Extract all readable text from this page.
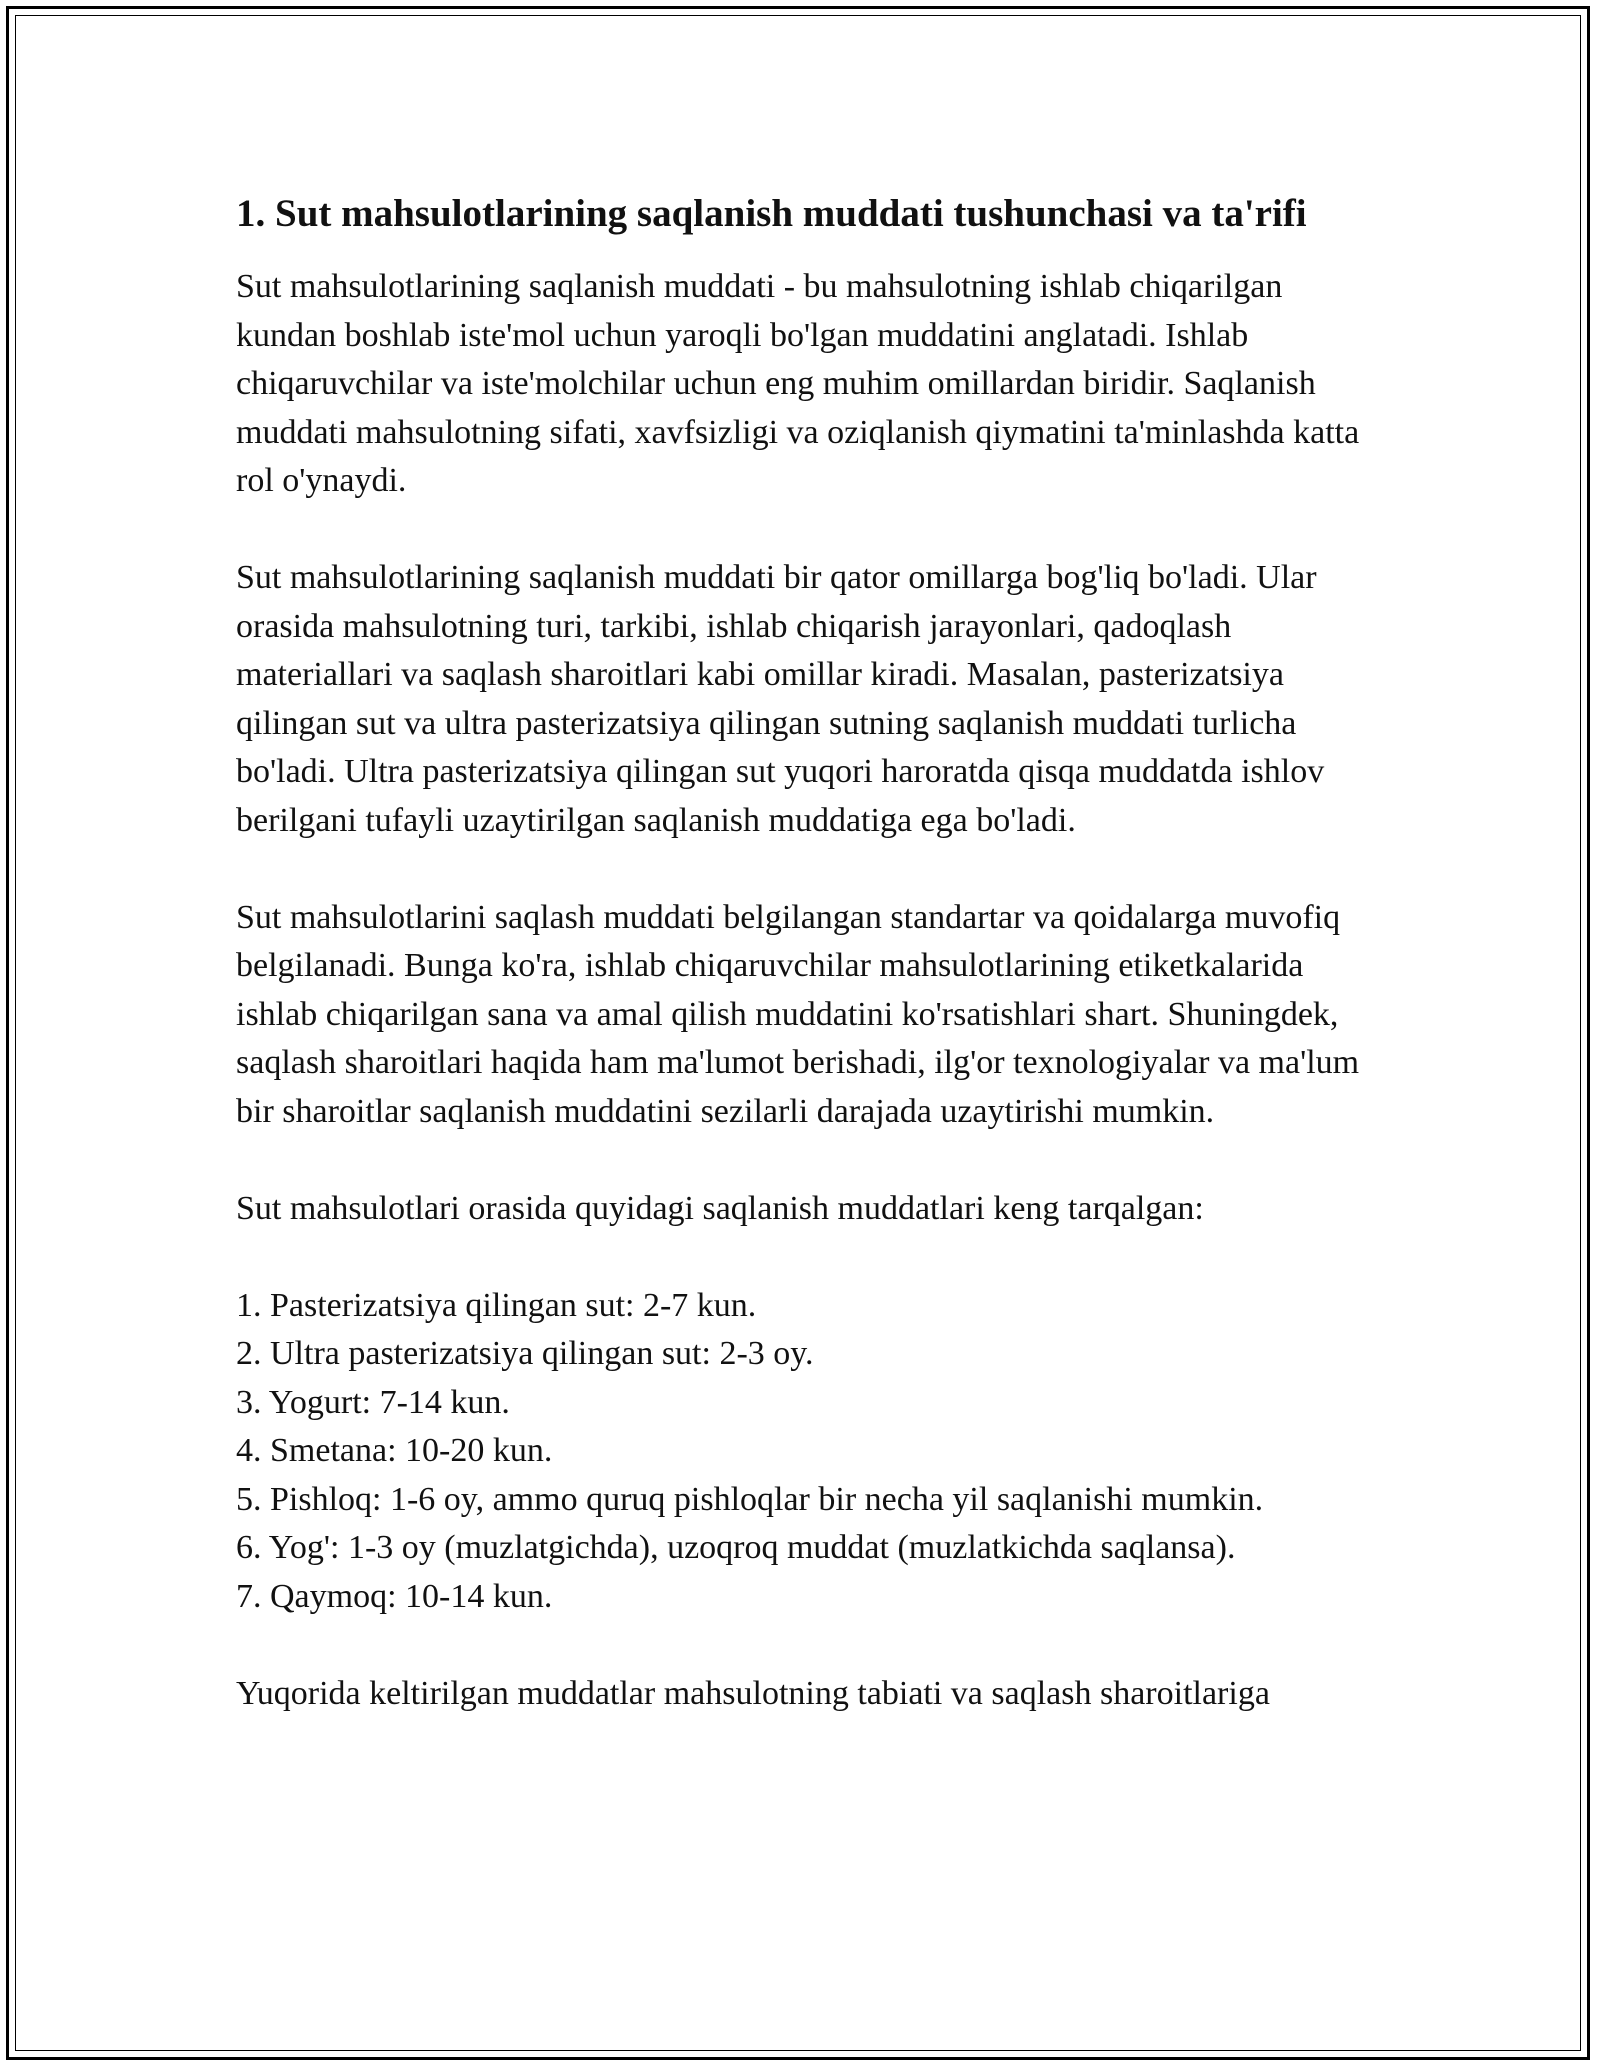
1. Sut mahsulotlarining saqlanish muddati tushunchasi va ta'rifi

Sut mahsulotlarining saqlanish muddati - bu mahsulotning ishlab chiqarilgan kundan boshlab iste'mol uchun yaroqli bo'lgan muddatini anglatadi. Ishlab chiqaruvchilar va iste'molchilar uchun eng muhim omillardan biridir. Saqlanish muddati mahsulotning sifati, xavfsizligi va oziqlanish qiymatini ta'minlashda katta rol o'ynaydi.

Sut mahsulotlarining saqlanish muddati bir qator omillarga bog'liq bo'ladi. Ular orasida mahsulotning turi, tarkibi, ishlab chiqarish jarayonlari, qadoqlash materiallari va saqlash sharoitlari kabi omillar kiradi. Masalan, pasterizatsiya qilingan sut va ultra pasterizatsiya qilingan sutning saqlanish muddati turlicha bo'ladi. Ultra pasterizatsiya qilingan sut yuqori haroratda qisqa muddatda ishlov berilgani tufayli uzaytirilgan saqlanish muddatiga ega bo'ladi.

Sut mahsulotlarini saqlash muddati belgilangan standartar va qoidalarga muvofiq belgilanadi. Bunga ko'ra, ishlab chiqaruvchilar mahsulotlarining etiketkalarida ishlab chiqarilgan sana va amal qilish muddatini ko'rsatishlari shart. Shuningdek, saqlash sharoitlari haqida ham ma'lumot berishadi, ilg'or texnologiyalar va ma'lum bir sharoitlar saqlanish muddatini sezilarli darajada uzaytirishi mumkin.

Sut mahsulotlari orasida quyidagi saqlanish muddatlari keng tarqalgan:

1. Pasterizatsiya qilingan sut: 2-7 kun.
2. Ultra pasterizatsiya qilingan sut: 2-3 oy.
3. Yogurt: 7-14 kun.
4. Smetana: 10-20 kun.
5. Pishloq: 1-6 oy, ammo quruq pishloqlar bir necha yil saqlanishi mumkin.
6. Yog': 1-3 oy (muzlatgichda), uzoqroq muddat (muzlatkichda saqlansa).
7. Qaymoq: 10-14 kun.

Yuqorida keltirilgan muddatlar mahsulotning tabiati va saqlash sharoitlariga
